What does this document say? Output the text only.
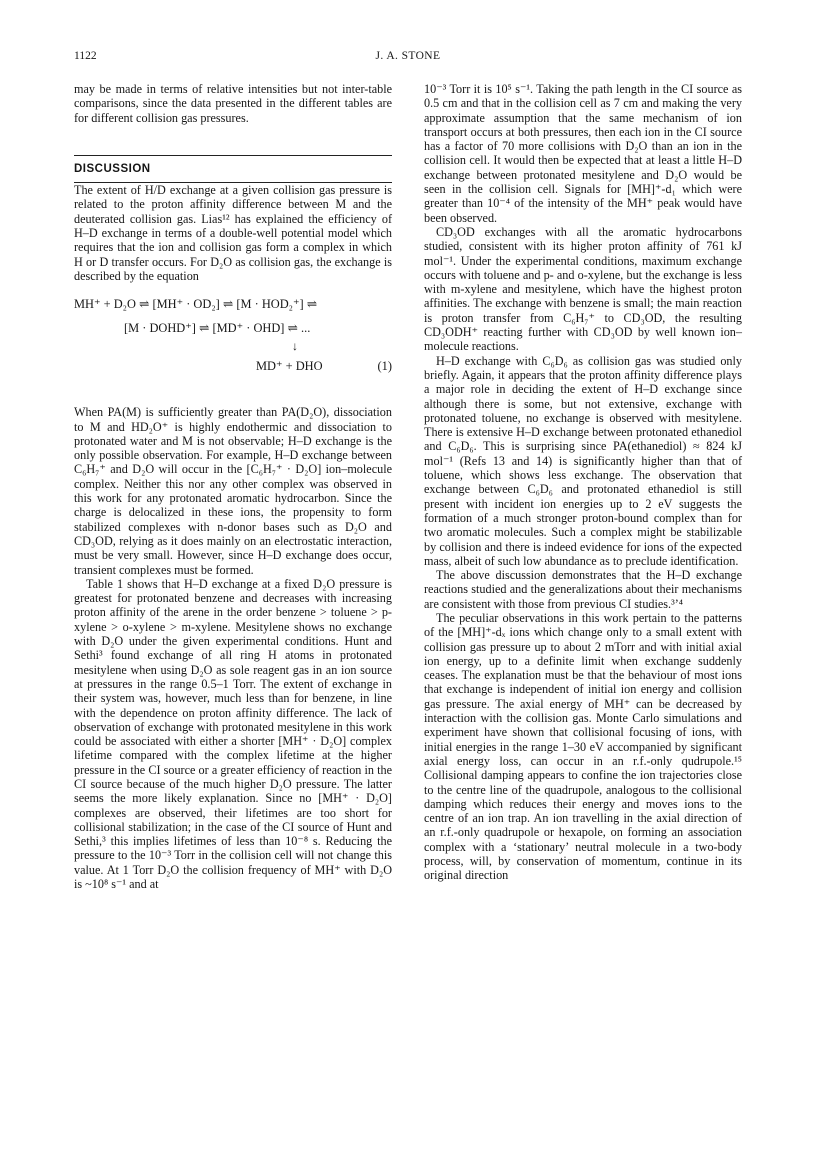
1122	J. A. STONE

may be made in terms of relative intensities but not inter-table comparisons, since the data presented in the different tables are for different collision gas pressures.

DISCUSSION

The extent of H/D exchange at a given collision gas pressure is related to the proton affinity difference between M and the deuterated collision gas. Lias¹² has explained the efficiency of H–D exchange in terms of a double-well potential model which requires that the ion and collision gas form a complex in which H or D transfer occurs. For D₂O as collision gas, the exchange is described by the equation

MH⁺ + D₂O ⇌ [MH⁺ · OD₂] ⇌ [M · HOD₂⁺] ⇌
[M · DOHD⁺] ⇌ [MD⁺ · OHD] ⇌ ...
↓
MD⁺ + DHO	(1)

When PA(M) is sufficiently greater than PA(D₂O), dissociation to M and HD₂O⁺ is highly endothermic and dissociation to protonated water and M is not observable; H–D exchange is the only possible observation. For example, H–D exchange between C₆H₇⁺ and D₂O will occur in the [C₆H₇⁺ · D₂O] ion–molecule complex. Neither this nor any other complex was observed in this work for any protonated aromatic hydrocarbon. Since the charge is delocalized in these ions, the propensity to form stabilized complexes with n-donor bases such as D₂O and CD₃OD, relying as it does mainly on an electrostatic interaction, must be very small. However, since H–D exchange does occur, transient complexes must be formed.

Table 1 shows that H–D exchange at a fixed D₂O pressure is greatest for protonated benzene and decreases with increasing proton affinity of the arene in the order benzene > toluene > p-xylene > o-xylene > m-xylene. Mesitylene shows no exchange with D₂O under the given experimental conditions. Hunt and Sethi³ found exchange of all ring H atoms in protonated mesitylene when using D₂O as sole reagent gas in an ion source at pressures in the range 0.5–1 Torr. The extent of exchange in their system was, however, much less than for benzene, in line with the dependence on proton affinity difference. The lack of observation of exchange with protonated mesitylene in this work could be associated with either a shorter [MH⁺ · D₂O] complex lifetime compared with the complex lifetime at the higher pressure in the CI source or a greater efficiency of reaction in the CI source because of the much higher D₂O pressure. The latter seems the more likely explanation. Since no [MH⁺ · D₂O] complexes are observed, their lifetimes are too short for collisional stabilization; in the case of the CI source of Hunt and Sethi,³ this implies lifetimes of less than 10⁻⁸ s. Reducing the pressure to the 10⁻³ Torr in the collision cell will not change this value. At 1 Torr D₂O the collision frequency of MH⁺ with D₂O is ~10⁸ s⁻¹ and at

10⁻³ Torr it is 10⁵ s⁻¹. Taking the path length in the CI source as 0.5 cm and that in the collision cell as 7 cm and making the very approximate assumption that the same mechanism of ion transport occurs at both pressures, then each ion in the CI source has a factor of 70 more collisions with D₂O than an ion in the collision cell. It would then be expected that at least a little H–D exchange between protonated mesitylene and D₂O would be seen in the collision cell. Signals for [MH]⁺-d₁ which were greater than 10⁻⁴ of the intensity of the MH⁺ peak would have been observed.

CD₃OD exchanges with all the aromatic hydrocarbons studied, consistent with its higher proton affinity of 761 kJ mol⁻¹. Under the experimental conditions, maximum exchange occurs with toluene and p- and o-xylene, but the exchange is less with m-xylene and mesitylene, which have the highest proton affinities. The exchange with benzene is small; the main reaction is proton transfer from C₆H₇⁺ to CD₃OD, the resulting CD₃ODH⁺ reacting further with CD₃OD by well known ion–molecule reactions.

H–D exchange with C₆D₆ as collision gas was studied only briefly. Again, it appears that the proton affinity difference plays a major role in deciding the extent of H–D exchange since although there is some, but not extensive, exchange with protonated toluene, no exchange is observed with mesitylene. There is extensive H–D exchange between protonated ethanediol and C₆D₆. This is surprising since PA(ethanediol) ≈ 824 kJ mol⁻¹ (Refs 13 and 14) is significantly higher than that of toluene, which shows less exchange. The observation that exchange between C₆D₆ and protonated ethanediol is still present with incident ion energies up to 2 eV suggests the formation of a much stronger proton-bound complex than for two aromatic molecules. Such a complex might be stabilizable by collision and there is indeed evidence for ions of the expected mass, albeit of such low abundance as to preclude identification.

The above discussion demonstrates that the H–D exchange reactions studied and the generalizations about their mechanisms are consistent with those from previous CI studies.³ʼ⁴

The peculiar observations in this work pertain to the patterns of the [MH]⁺-dₓ ions which change only to a small extent with collision gas pressure up to about 2 mTorr and with initial axial ion energy, up to a definite limit when exchange suddenly ceases. The explanation must be that the behaviour of most ions that exchange is independent of initial ion energy and collision gas pressure. The axial energy of MH⁺ can be decreased by interaction with the collision gas. Monte Carlo simulations and experiment have shown that collisional focusing of ions, with initial energies in the range 1–30 eV accompanied by significant axial energy loss, can occur in an r.f.-only qudrupole.¹⁵ Collisional damping appears to confine the ion trajectories close to the centre line of the quadrupole, analogous to the collisional damping which reduces their energy and moves ions to the centre of an ion trap. An ion travelling in the axial direction of an r.f.-only quadrupole or hexapole, on forming an association complex with a ‘stationary’ neutral molecule in a two-body process, will, by conservation of momentum, continue in its original direction
